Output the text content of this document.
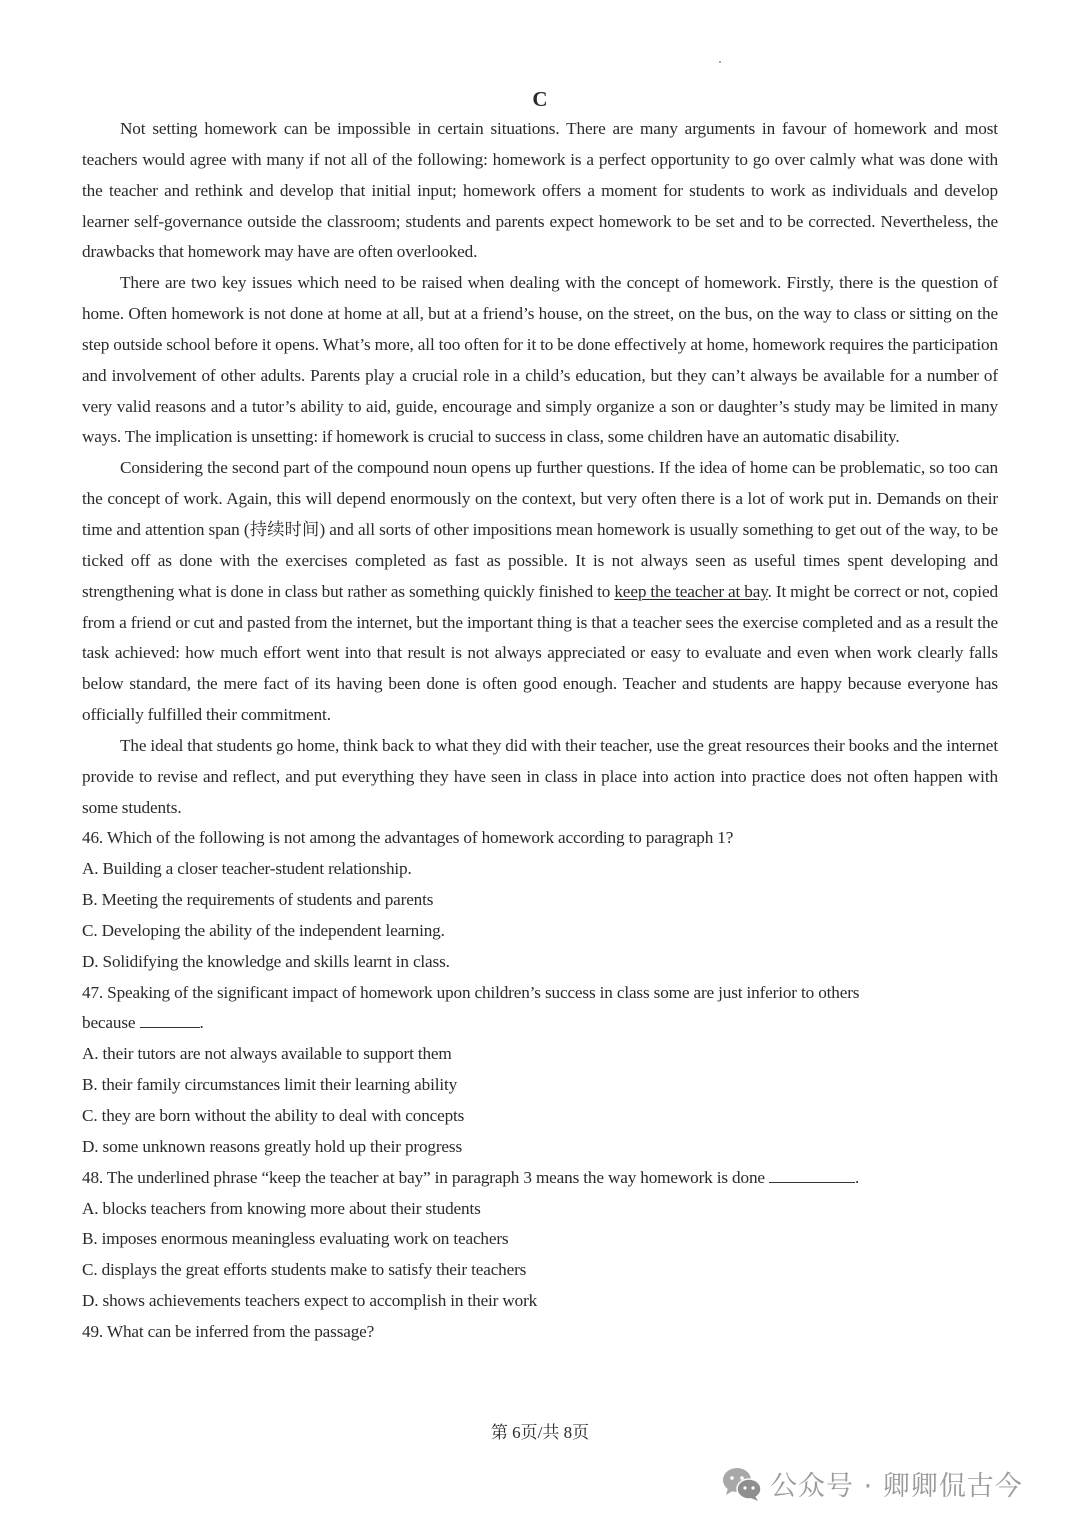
C

Not setting homework can be impossible in certain situations. There are many arguments in favour of homework and most teachers would agree with many if not all of the following: homework is a perfect opportunity to go over calmly what was done with the teacher and rethink and develop that initial input; homework offers a moment for students to work as individuals and develop learner self-governance outside the classroom; students and parents expect homework to be set and to be corrected. Nevertheless, the drawbacks that homework may have are often overlooked.

There are two key issues which need to be raised when dealing with the concept of homework. Firstly, there is the question of home. Often homework is not done at home at all, but at a friend’s house, on the street, on the bus, on the way to class or sitting on the step outside school before it opens. What’s more, all too often for it to be done effectively at home, homework requires the participation and involvement of other adults. Parents play a crucial role in a child’s education, but they can’t always be available for a number of very valid reasons and a tutor’s ability to aid, guide, encourage and simply organize a son or daughter’s study may be limited in many ways. The implication is unsetting: if homework is crucial to success in class, some children have an automatic disability.

Considering the second part of the compound noun opens up further questions. If the idea of home can be problematic, so too can the concept of work. Again, this will depend enormously on the context, but very often there is a lot of work put in. Demands on their time and attention span (持续时间) and all sorts of other impositions mean homework is usually something to get out of the way, to be ticked off as done with the exercises completed as fast as possible. It is not always seen as useful times spent developing and strengthening what is done in class but rather as something quickly finished to keep the teacher at bay. It might be correct or not, copied from a friend or cut and pasted from the internet, but the important thing is that a teacher sees the exercise completed and as a result the task achieved: how much effort went into that result is not always appreciated or easy to evaluate and even when work clearly falls below standard, the mere fact of its having been done is often good enough. Teacher and students are happy because everyone has officially fulfilled their commitment.

The ideal that students go home, think back to what they did with their teacher, use the great resources their books and the internet provide to revise and reflect, and put everything they have seen in class in place into action into practice does not often happen with some students.

46. Which of the following is not among the advantages of homework according to paragraph 1?

A. Building a closer teacher-student relationship.

B. Meeting the requirements of students and parents

C. Developing the ability of the independent learning.

D. Solidifying the knowledge and skills learnt in class.

47. Speaking of the significant impact of homework upon children’s success in class some are just inferior to others

because	.

A. their tutors are not always available to support them

B. their family circumstances limit their learning ability

C. they are born without the ability to deal with concepts

D. some unknown reasons greatly hold up their progress

48. The underlined phrase “keep the teacher at bay” in paragraph 3 means the way homework is done	.

A. blocks teachers from knowing more about their students

B. imposes enormous meaningless evaluating work on teachers

C. displays the great efforts students make to satisfy their teachers

D. shows achievements teachers expect to accomplish in their work

49. What can be inferred from the passage?

第 6页/共 8页
公众号 · 卿卿侃古今
